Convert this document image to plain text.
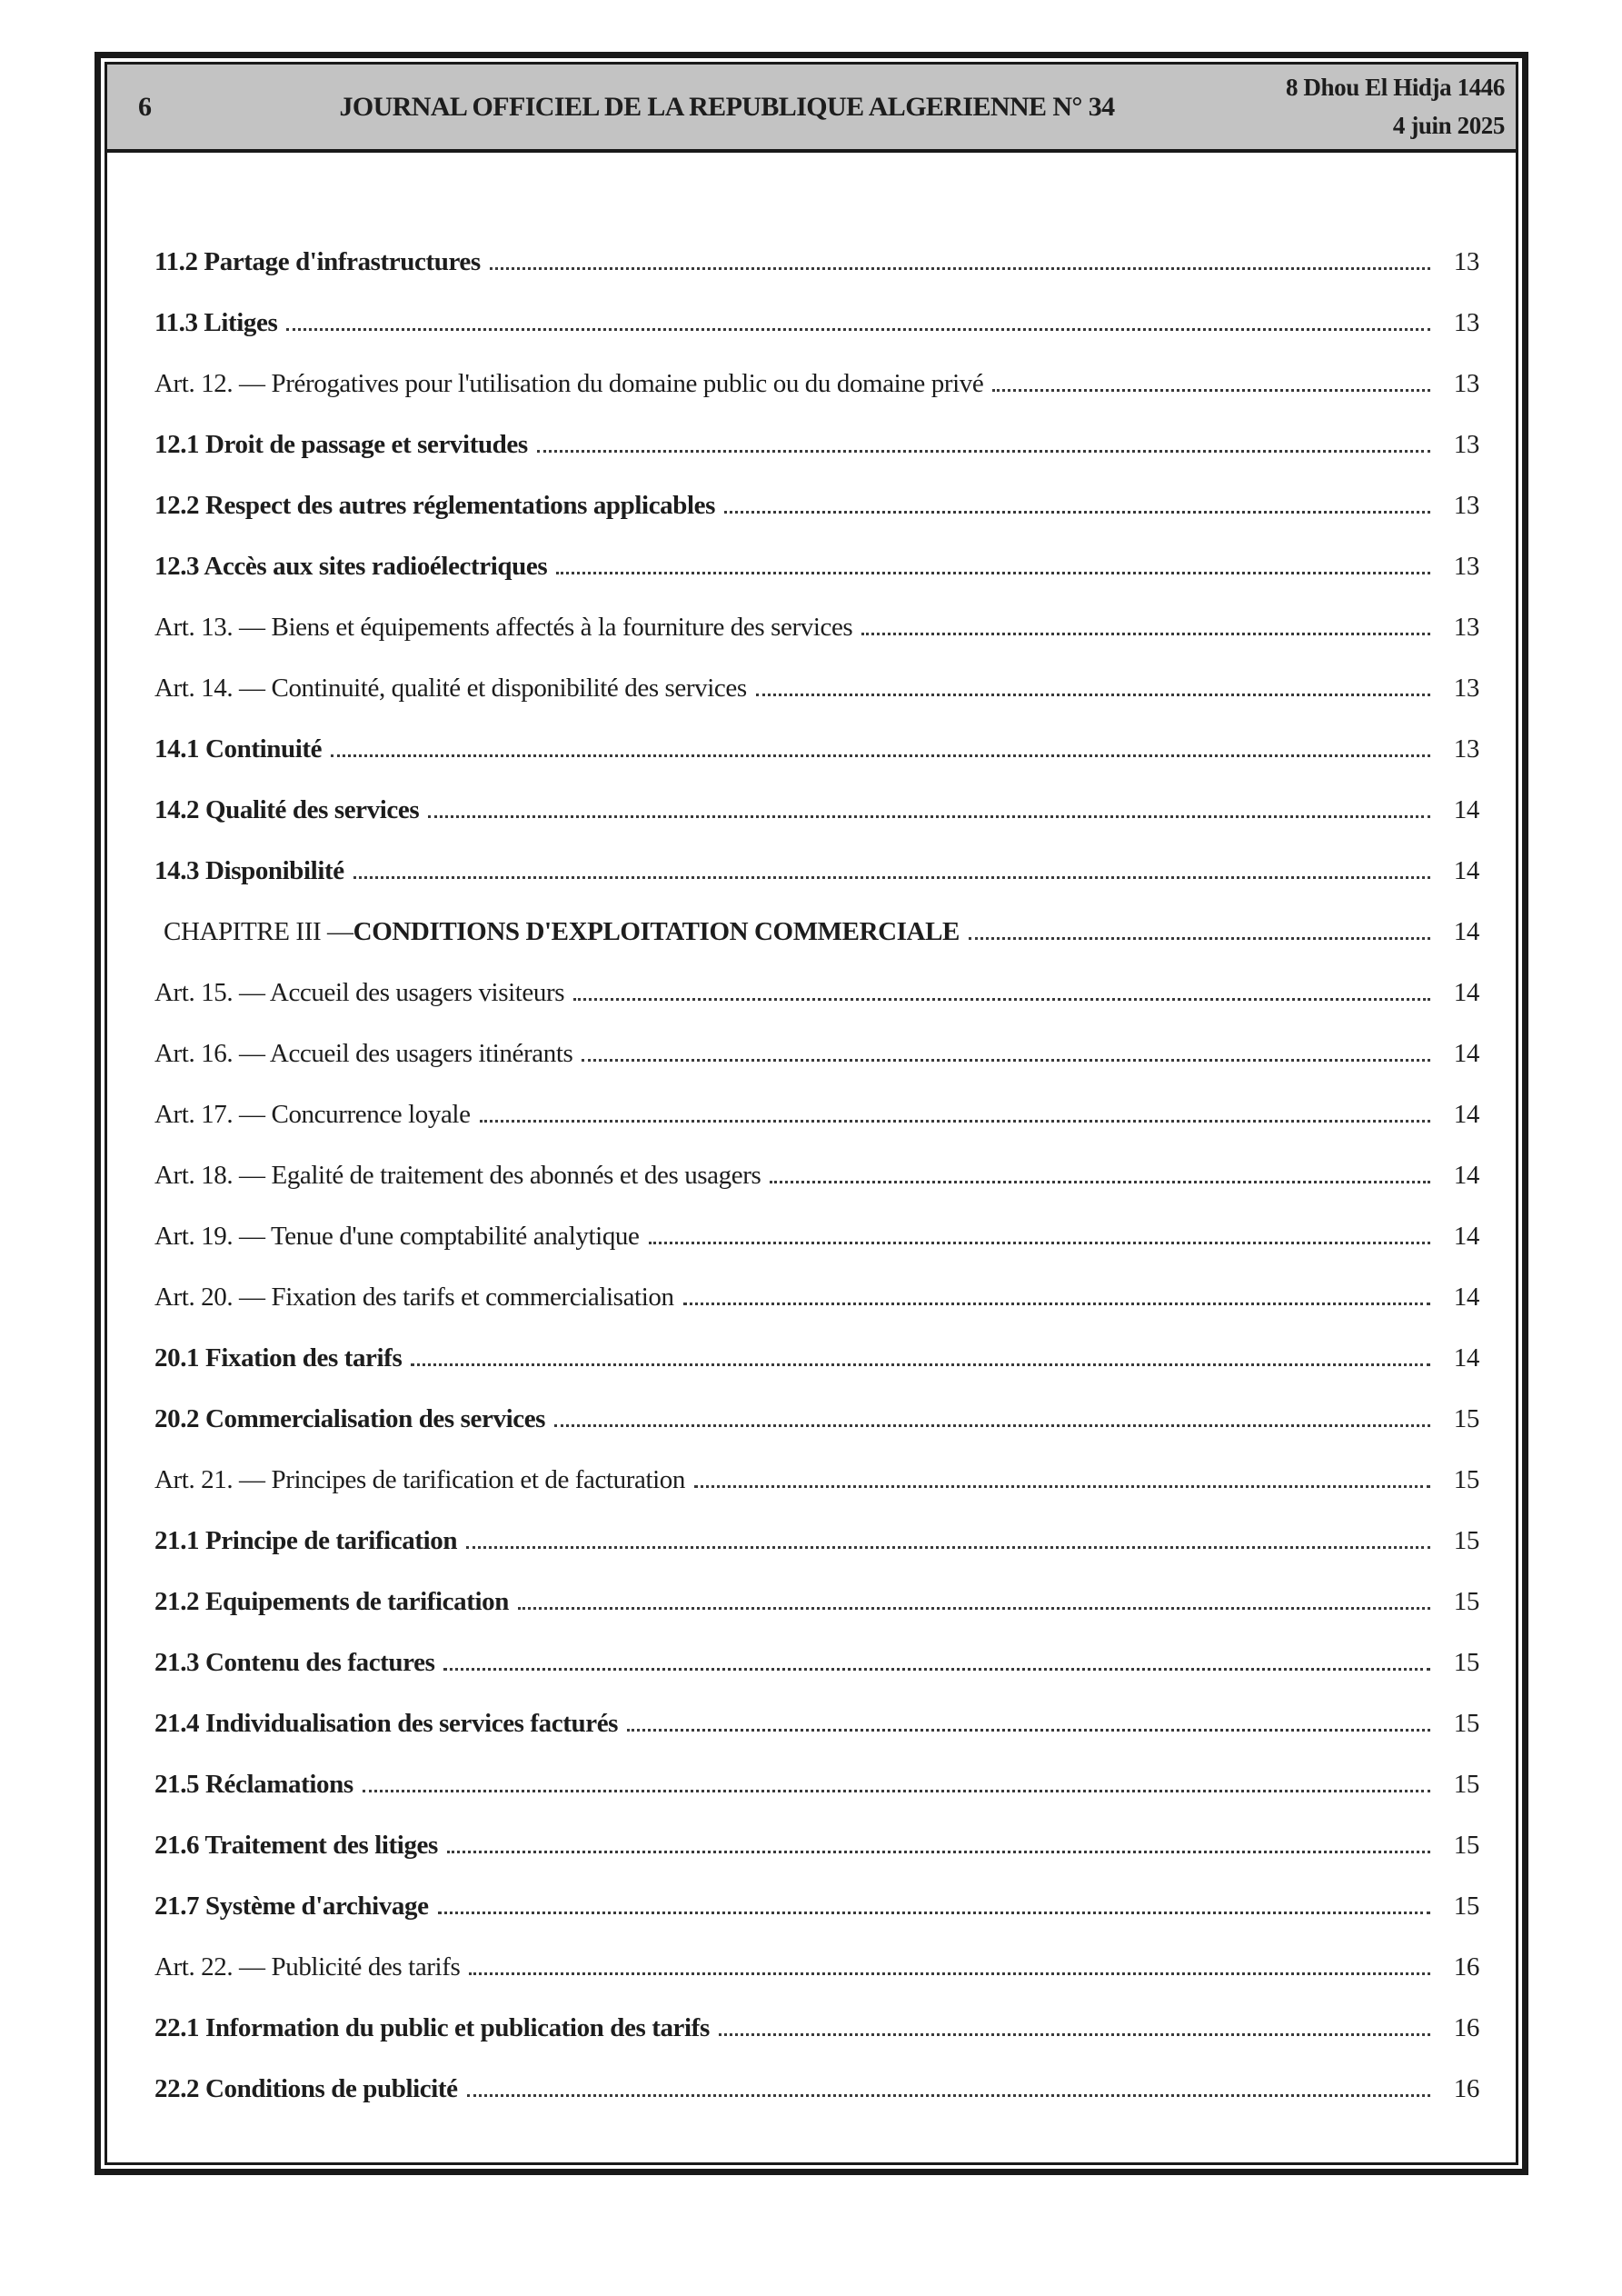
6	JOURNAL OFFICIEL DE LA REPUBLIQUE ALGERIENNE N° 34
8 Dhou El Hidja 1446
4 juin 2025
11.2 Partage d'infrastructures	13
11.3 Litiges	13
Art. 12. — Prérogatives pour l'utilisation du domaine public ou du domaine privé	13
12.1 Droit de passage et servitudes	13
12.2 Respect des autres réglementations applicables	13
12.3 Accès aux sites radioélectriques	13
Art. 13. — Biens et équipements affectés à la fourniture des services	13
Art. 14. — Continuité, qualité et disponibilité des services	13
14.1 Continuité	13
14.2 Qualité des services	14
14.3 Disponibilité	14
CHAPITRE III — CONDITIONS D'EXPLOITATION COMMERCIALE	14
Art. 15. — Accueil des usagers visiteurs	14
Art. 16. — Accueil des usagers itinérants	14
Art. 17. — Concurrence loyale	14
Art. 18. — Egalité de traitement des abonnés et des usagers	14
Art. 19. — Tenue d'une comptabilité analytique	14
Art. 20. — Fixation des tarifs et commercialisation	14
20.1 Fixation des tarifs	14
20.2 Commercialisation des services	15
Art. 21. — Principes de tarification et de facturation	15
21.1 Principe de tarification	15
21.2 Equipements de tarification	15
21.3 Contenu des factures	15
21.4 Individualisation des services facturés	15
21.5 Réclamations	15
21.6 Traitement des litiges	15
21.7 Système d'archivage	15
Art. 22. — Publicité des tarifs	16
22.1 Information du public et publication des tarifs	16
22.2 Conditions de publicité	16
